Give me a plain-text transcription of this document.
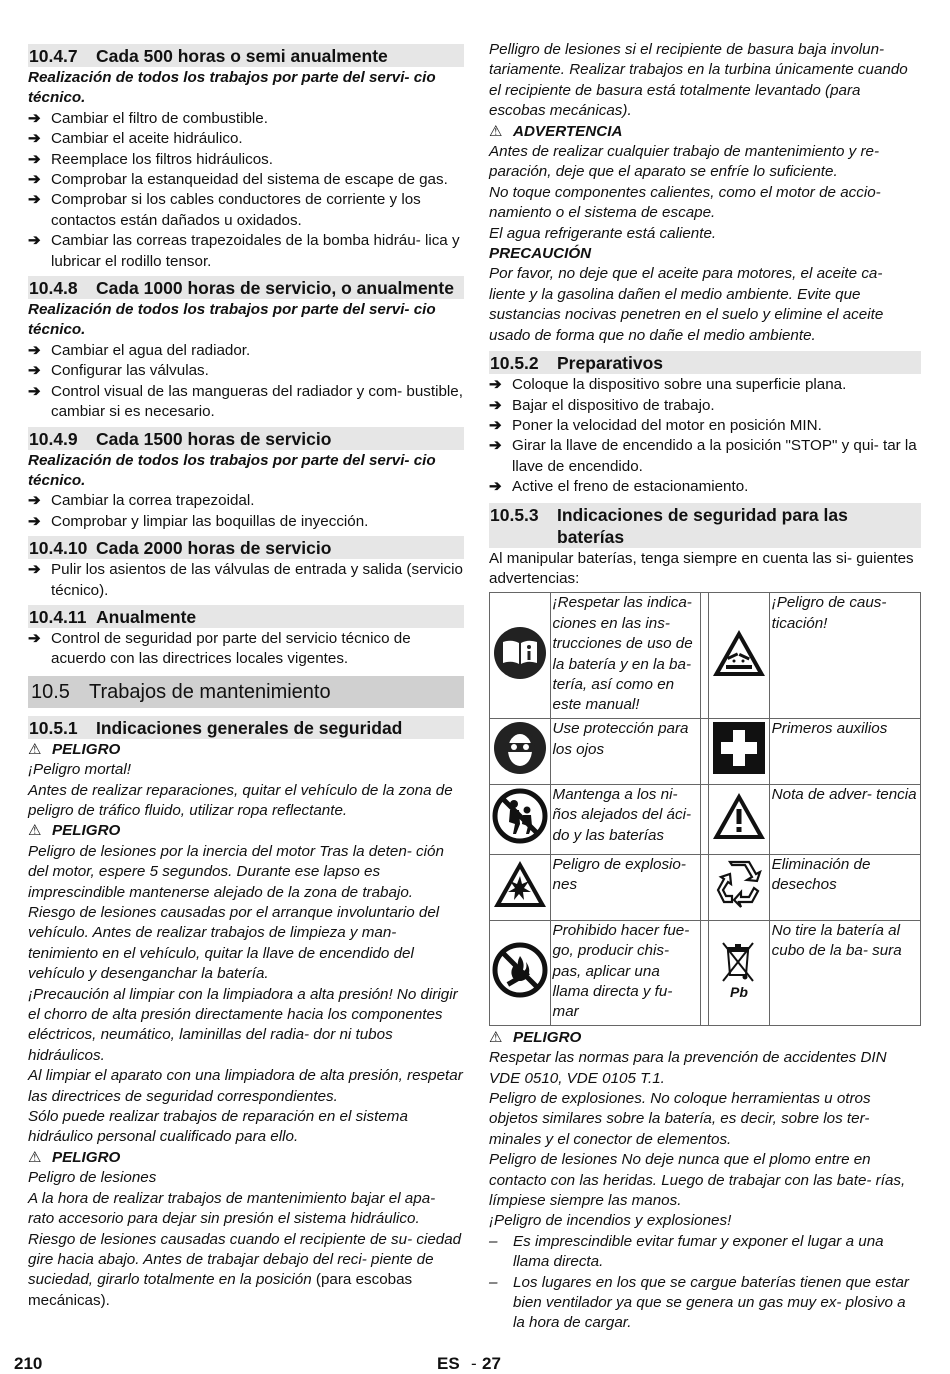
10.4.7	Cada 500 horas o semi anualmente
Realización de todos los trabajos por parte del servi- cio técnico.
➔ Cambiar el filtro de combustible.
➔ Cambiar el aceite hidráulico.
➔ Reemplace los filtros hidráulicos.
➔ Comprobar la estanqueidad del sistema de escape de gas.
➔ Comprobar si los cables conductores de corriente y los contactos están dañados u oxidados.
➔ Cambiar las correas trapezoidales de la bomba hidráu- lica y lubricar el rodillo tensor.
10.4.8	Cada 1000 horas de servicio, o anualmente
Realización de todos los trabajos por parte del servi- cio técnico.
➔ Cambiar el agua del radiador.
➔ Configurar las válvulas.
➔ Control visual de las mangueras del radiador y com- bustible, cambiar si es necesario.
10.4.9	Cada 1500 horas de servicio
Realización de todos los trabajos por parte del servi- cio técnico.
➔ Cambiar la correa trapezoidal.
➔ Comprobar y limpiar las boquillas de inyección.
10.4.10 Cada 2000 horas de servicio
➔ Pulir los asientos de las válvulas de entrada y salida (servicio técnico).
10.4.11 Anualmente
➔ Control de seguridad por parte del servicio técnico de acuerdo con las directrices locales vigentes.
10.5 Trabajos de mantenimiento
10.5.1	Indicaciones generales de seguridad
⚠ PELIGRO
¡Peligro mortal!
Antes de realizar reparaciones, quitar el vehículo de la zona de peligro de tráfico fluido, utilizar ropa reflectante.
⚠ PELIGRO
Peligro de lesiones por la inercia del motor Tras la deten- ción del motor, espere 5 segundos. Durante ese lapso es imprescindible mantenerse alejado de la zona de trabajo.
Riesgo de lesiones causadas por el arranque involuntario del vehículo. Antes de realizar trabajos de limpieza y man- tenimiento en el vehículo, quitar la llave de encendido del vehículo y desenganchar la batería.
¡Precaución al limpiar con la limpiadora a alta presión! No dirigir el chorro de alta presión directamente hacia los componentes eléctricos, neumático, laminillas del radia- dor ni tubos hidráulicos.
Al limpiar el aparato con una limpiadora de alta presión, respetar las directrices de seguridad correspondientes.
Sólo puede realizar trabajos de reparación en el sistema hidráulico personal cualificado para ello.
⚠ PELIGRO
Peligro de lesiones
A la hora de realizar trabajos de mantenimiento bajar el apa- rato accesorio para dejar sin presión el sistema hidráulico.
Riesgo de lesiones causadas cuando el recipiente de su- ciedad gire hacia abajo. Antes de trabajar debajo del reci- piente de suciedad, girarlo totalmente en la posición (para escobas mecánicas).
Pelligro de lesiones si el recipiente de basura baja involun- tariamente. Realizar trabajos en la turbina únicamente cuando el recipiente de basura está totalmente levantado (para escobas mecánicas).
⚠ ADVERTENCIA
Antes de realizar cualquier trabajo de mantenimiento y re- paración, deje que el aparato se enfríe lo suficiente.
No toque componentes calientes, como el motor de accio- namiento o el sistema de escape.
El agua refrigerante está caliente.
PRECAUCIÓN
Por favor, no deje que el aceite para motores, el aceite ca- liente y la gasolina dañen el medio ambiente. Evite que sustancias nocivas penetren en el suelo y elimine el aceite usado de forma que no dañe el medio ambiente.
10.5.2	Preparativos
➔ Coloque la dispositivo sobre una superficie plana.
➔ Bajar el dispositivo de trabajo.
➔ Poner la velocidad del motor en posición MIN.
➔ Girar la llave de encendido a la posición "STOP" y qui- tar la llave de encendido.
➔ Active el freno de estacionamiento.
10.5.3	Indicaciones de seguridad para las baterías
Al manipular baterías, tenga siempre en cuenta las si- guientes advertencias:
	¡Respetar las indica- ciones en las ins- trucciones de uso de la batería y en la ba- tería, así como en este manual!			¡Peligro de caus- ticación!
	Use protección para los ojos			Primeros auxilios
	Mantenga a los ni- ños alejados del áci- do y las baterías			Nota de adver- tencia
	Peligro de explosio- nes			Eliminación de desechos
	Prohibido hacer fue- go, producir chis- pas, aplicar una llama directa y fu- mar		Pb	No tire la batería al cubo de la ba- sura
⚠ PELIGRO
Respetar las normas para la prevención de accidentes DIN VDE 0510, VDE 0105 T.1.
Peligro de explosiones. No coloque herramientas u otros objetos similares sobre la batería, es decir, sobre los ter- minales y el conector de elementos.
Peligro de lesiones No deje nunca que el plomo entre en contacto con las heridas. Luego de trabajar con las bate- rías, límpiese siempre las manos.
¡Peligro de incendios y explosiones!
–	Es imprescindible evitar fumar y exponer el lugar a una llama directa.
–	Los lugares en los que se cargue baterías tienen que estar bien ventilador ya que se genera un gas muy ex- plosivo a la hora de cargar.
210	ES - 27
